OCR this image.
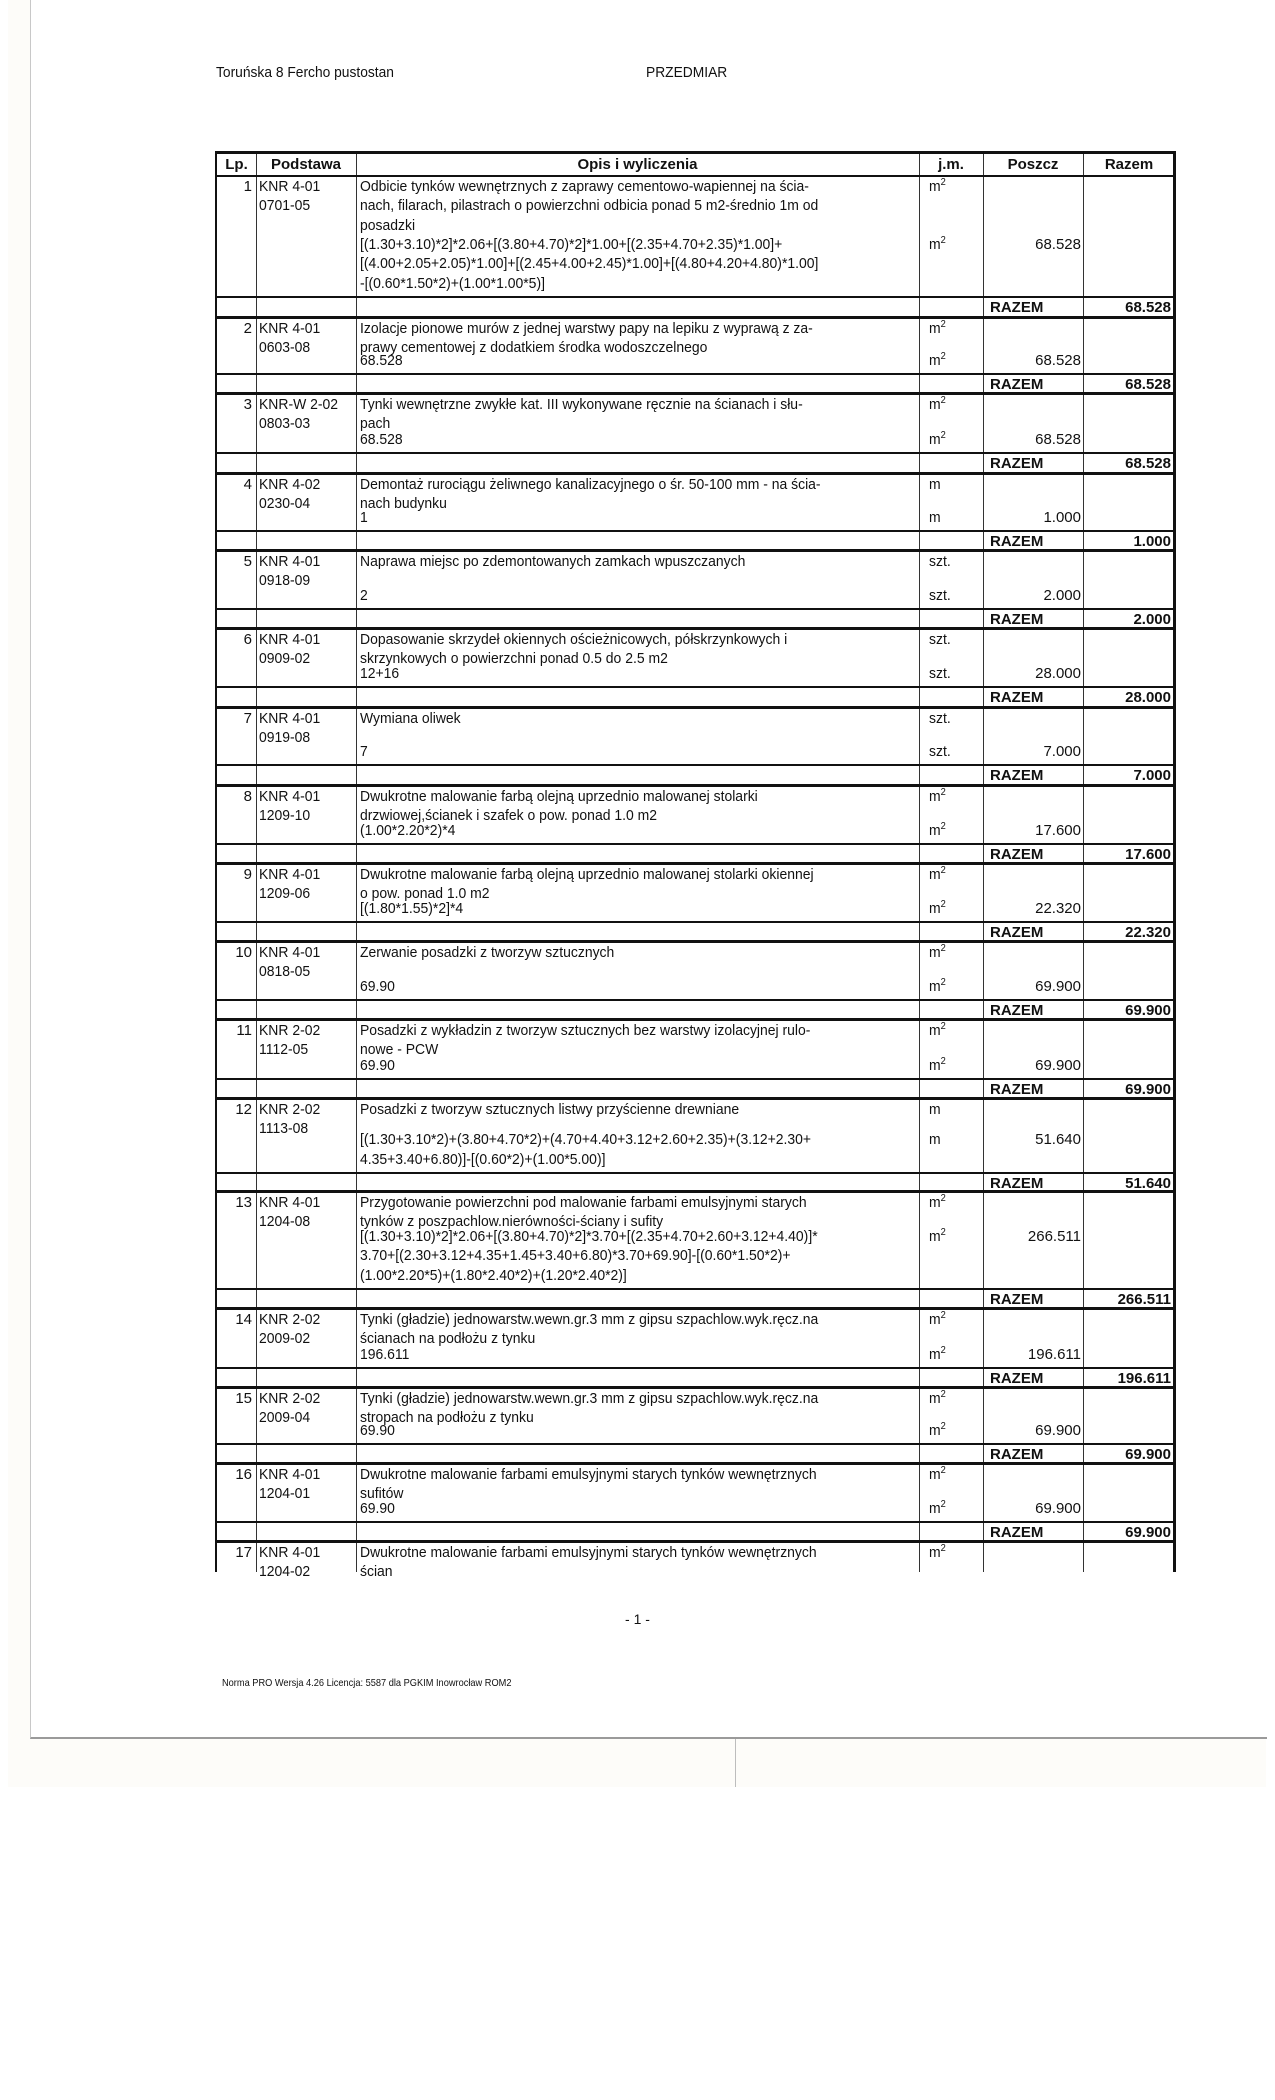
Toruńska 8 Fercho pustostan	PRZEDMIAR
Lp.	Podstawa	Opis i wyliczenia	j.m.	Poszcz	Razem
1 KNR 4-01
0701-05
Odbicie tynków wewnętrznych z zaprawy cementowo-wapiennej na ścia-
nach, filarach, pilastrach o powierzchni odbicia ponad 5 m2-średnio 1m od
posadzki
$m^2$
[(1.30+3.10)*2]*2.06+[(3.80+4.70)*2]*1.00+[(2.35+4.70+2.35)*1.00]+
[(4.00+2.05+2.05)*1.00]+[(2.45+4.00+2.45)*1.00]+[(4.80+4.20+4.80)*1.00]
-[(0.60*1.50*2)+(1.00*1.00*5)]
$m^2$	68.528
RAZEM	68.528
2 KNR 4-01
0603-08
Izolacje pionowe murów z jednej warstwy papy na lepiku z wyprawą z za-
prawy cementowej z dodatkiem środka wodoszczelnego
$m^2$
68.528	$m^2$	68.528
RAZEM	68.528
3 KNR-W 2-02
0803-03
Tynki wewnętrzne zwykłe kat. III wykonywane ręcznie na ścianach i słu-
pach
$m^2$
68.528	$m^2$	68.528
RAZEM	68.528
4 KNR 4-02
0230-04
Demontaż rurociągu żeliwnego kanalizacyjnego o śr. 50-100 mm - na ścia-
nach budynku
m
1	m	1.000
RAZEM	1.000
5 KNR 4-01
0918-09
Naprawa miejsc po zdemontowanych zamkach wpuszczanych	szt.
2	szt.	2.000
RAZEM	2.000
6 KNR 4-01
0909-02
Dopasowanie skrzydeł okiennych ościeżnicowych, półskrzynkowych i
skrzynkowych o powierzchni ponad 0.5 do 2.5 m2
szt.
12+16	szt.	28.000
RAZEM	28.000
7 KNR 4-01
0919-08
Wymiana oliwek	szt.
7	szt.	7.000
RAZEM	7.000
8 KNR 4-01
1209-10
Dwukrotne malowanie farbą olejną uprzednio malowanej stolarki
drzwiowej,ścianek i szafek o pow. ponad 1.0 m2
$m^2$
(1.00*2.20*2)*4	$m^2$	17.600
RAZEM	17.600
9 KNR 4-01
1209-06
Dwukrotne malowanie farbą olejną uprzednio malowanej stolarki okiennej
o pow. ponad 1.0 m2
$m^2$
[(1.80*1.55)*2]*4	$m^2$	22.320
RAZEM	22.320
10 KNR 4-01
0818-05
Zerwanie posadzki z tworzyw sztucznych	$m^2$
69.90	$m^2$	69.900
RAZEM	69.900
11 KNR 2-02
1112-05
Posadzki z wykładzin z tworzyw sztucznych bez warstwy izolacyjnej rulo-
nowe - PCW
$m^2$
69.90	$m^2$	69.900
RAZEM	69.900
12 KNR 2-02
1113-08
Posadzki z tworzyw sztucznych listwy przyścienne drewniane	m
[(1.30+3.10*2)+(3.80+4.70*2)+(4.70+4.40+3.12+2.60+2.35)+(3.12+2.30+
4.35+3.40+6.80)]-[(0.60*2)+(1.00*5.00)]
m	51.640
RAZEM	51.640
13 KNR 4-01
1204-08
Przygotowanie powierzchni pod malowanie farbami emulsyjnymi starych
tynków z poszpachlow.nierówności-ściany i sufity
$m^2$
[(1.30+3.10)*2]*2.06+[(3.80+4.70)*2]*3.70+[(2.35+4.70+2.60+3.12+4.40)]*
3.70+[(2.30+3.12+4.35+1.45+3.40+6.80)*3.70+69.90]-[(0.60*1.50*2)+
(1.00*2.20*5)+(1.80*2.40*2)+(1.20*2.40*2)]
$m^2$	266.511
RAZEM	266.511
14 KNR 2-02
2009-02
Tynki (gładzie) jednowarstw.wewn.gr.3 mm z gipsu szpachlow.wyk.ręcz.na
ścianach na podłożu z tynku
$m^2$
196.611	$m^2$	196.611
RAZEM	196.611
15 KNR 2-02
2009-04
Tynki (gładzie) jednowarstw.wewn.gr.3 mm z gipsu szpachlow.wyk.ręcz.na
stropach na podłożu z tynku
$m^2$
69.90	$m^2$	69.900
RAZEM	69.900
16 KNR 4-01
1204-01
Dwukrotne malowanie farbami emulsyjnymi starych tynków wewnętrznych
sufitów
$m^2$
69.90	$m^2$	69.900
RAZEM	69.900
17 KNR 4-01
1204-02
Dwukrotne malowanie farbami emulsyjnymi starych tynków wewnętrznych
ścian
$m^2$
- 1 -
Norma PRO Wersja 4.26 Licencja: 5587 dla PGKIM Inowrocław ROM2
